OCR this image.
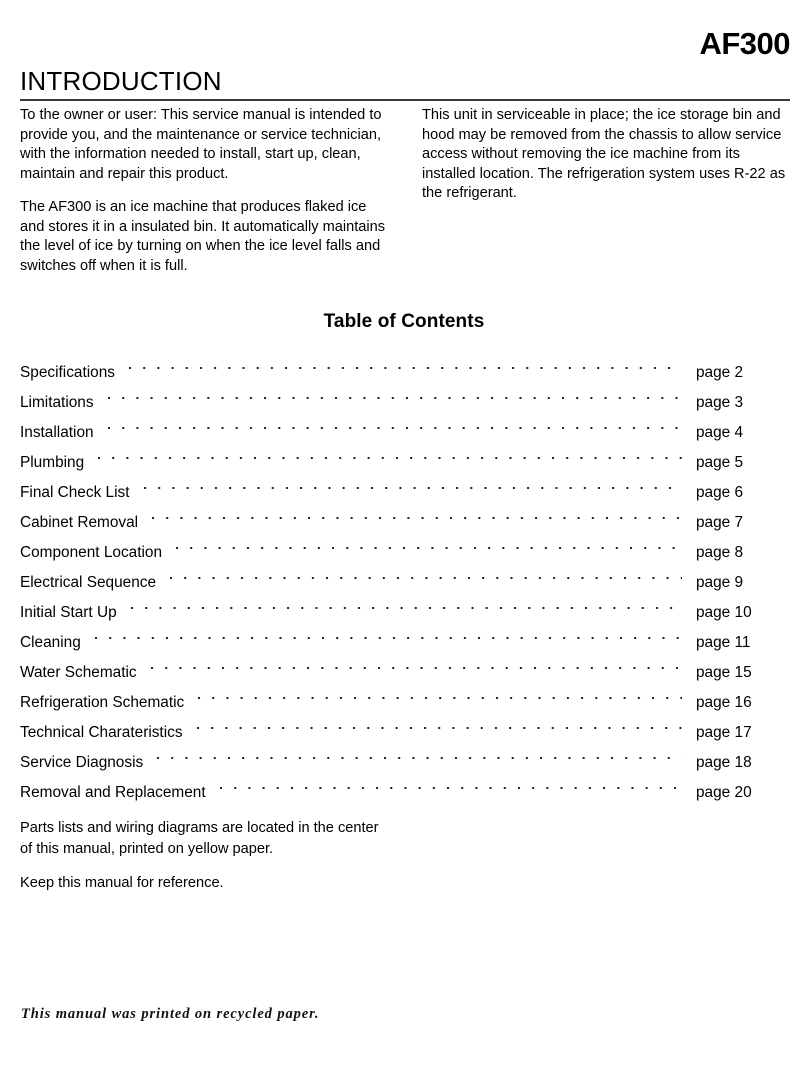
AF300
INTRODUCTION

To the owner or user: This service manual is intended to provide you, and the maintenance or service technician, with the information needed to install, start up, clean, maintain and repair this product.

The AF300 is an ice machine that produces flaked ice and stores it in a insulated bin. It automatically maintains the level of ice by turning on when the ice level falls and switches off when it is full.

This unit in serviceable in place; the ice storage bin and hood may be removed from the chassis to allow service access without removing the ice machine from its installed location. The refrigeration system uses R-22 as the refrigerant.

Table of Contents
Specifications	page 2
Limitations	page 3
Installation	page 4
Plumbing	page 5
Final Check List	page 6
Cabinet Removal	page 7
Component Location	page 8
Electrical Sequence	page 9
Initial Start Up	page 10
Cleaning	page 11
Water Schematic	page 15
Refrigeration Schematic	page 16
Technical Charateristics	page 17
Service Diagnosis	page 18
Removal and Replacement	page 20

Parts lists and wiring diagrams are located in the center of this manual, printed on yellow paper.

Keep this manual for reference.

This manual was printed on recycled paper.
